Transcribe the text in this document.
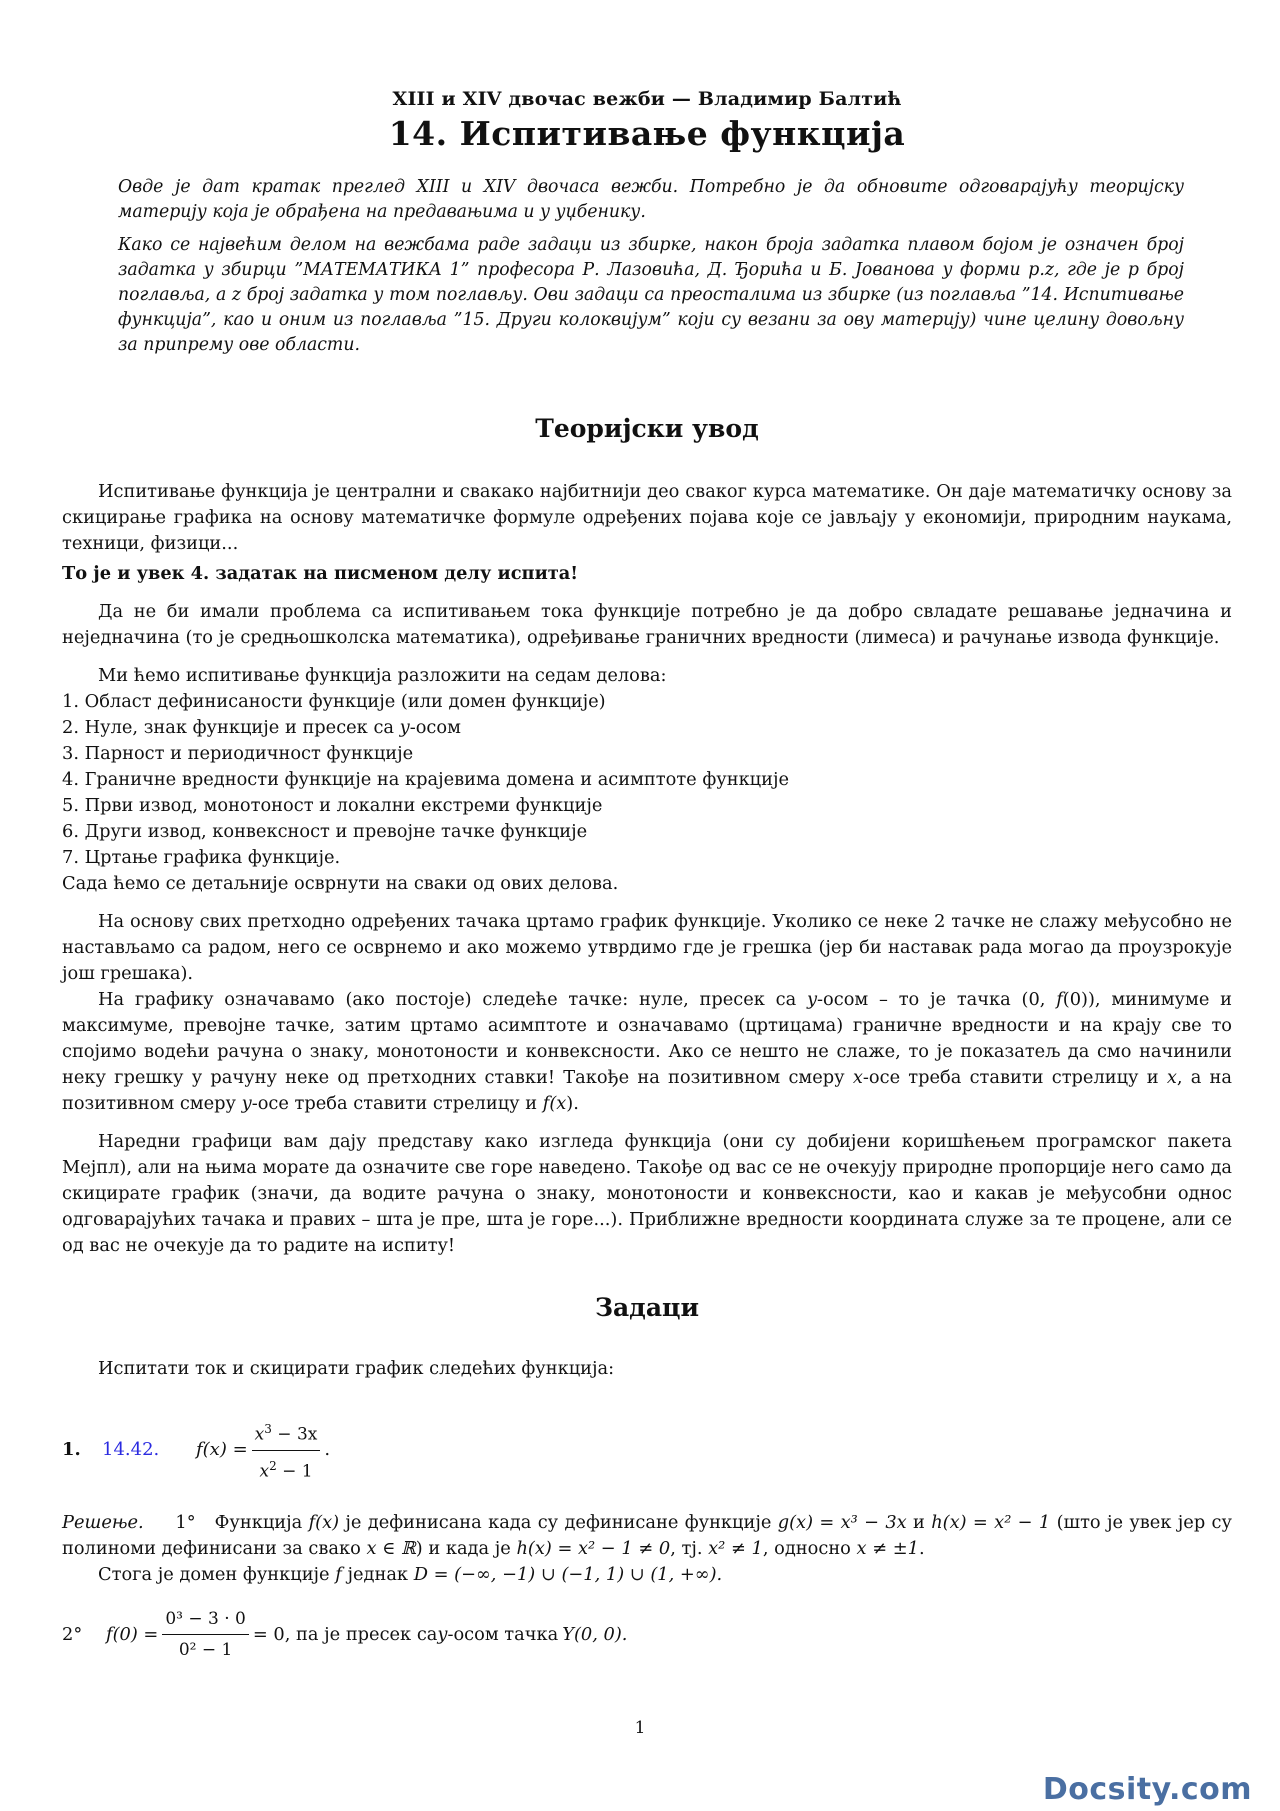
XIII и XIV двочас вежби — Владимир Балтић
14. Испитивање функција

Овде је дат кратак преглед XIII и XIV двочаса вежби. Потребно је да обновите одговарајућу теоријску материју која је обрађена на предавањима и у уџбенику.

Како се највећим делом на вежбама раде задаци из збирке, након броја задатка плавом бојом је означен број задатка у збирци ”МАТЕМАТИКА 1” професора Р. Лазовића, Д. Ђорића и Б. Јованова у форми p.z, где је p број поглавља, а z број задатка у том поглављу. Ови задаци са преосталима из збирке (из поглавља ”14. Испитивање функција”, као и оним из поглавља ”15. Други колоквијум” који су везани за ову материју) чине целину довољну за припрему ове области.

Теоријски увод

Испитивање функција је централни и свакако најбитнији део сваког курса математике. Он даје математичку основу за скицирање графика на основу математичке формуле одређених појава које се јављају у економији, природним наукама, техници, физици...

То је и увек 4. задатак на писменом делу испита!

Да не би имали проблема са испитивањем тока функције потребно је да добро свладате решавање једначина и неједначина (то је средњошколска математика), одређивање граничних вредности (лимеса) и рачунање извода функције.

Ми ћемо испитивање функција разложити на седам делова:

1. Област дефинисаности функције (или домен функције)
2. Нуле, знак функције и пресек са y-осом
3. Парност и периодичност функције
4. Граничне вредности функције на крајевима домена и асимптоте функције
5. Први извод, монотоност и локални екстреми функције
6. Други извод, конвексност и превојне тачке функције
7. Цртање графика функције.

Сада ћемо се детаљније осврнути на сваки од ових делова.

На основу свих претходно одређених тачака цртамо график функције. Уколико се неке 2 тачке не слажу међусобно не настављамо са радом, него се осврнемо и ако можемо утврдимо где је грешка (јер би наставак рада могао да проузрокује још грешака).

На графику означавамо (ако постоје) следеће тачке: нуле, пресек са y-осом – то је тачка (0, f(0)), минимуме и максимуме, превојне тачке, затим цртамо асимптоте и означавамо (цртицама) граничне вредности и на крају све то спојимо водећи рачуна о знаку, монотоности и конвексности. Ако се нешто не слаже, то је показатељ да смо начинили неку грешку у рачуну неке од претходних ставки! Такође на позитивном смеру x-осе треба ставити стрелицу и x, а на позитивном смеру y-осе треба ставити стрелицу и f(x).

Наредни графици вам дају представу како изгледа функција (они су добијени коришћењем програмског пакета Мејпл), али на њима морате да означите све горе наведено. Такође од вас се не очекују природне пропорције него само да скицирате график (значи, да водите рачуна о знаку, монотоности и конвексности, као и какав је међусобни однос одговарајућих тачака и правих – шта је пре, шта је горе...). Приближне вредности координата служе за те процене, али се од вас не очекује да то радите на испиту!

Задаци

Испитати ток и скицирати график следећих функција:

1.	14.42.	$f(x) = \frac{x^3 - 3x}{x^2 - 1}$ .

Решење. 1° Функција f(x) је дефинисана када су дефинисане функције g(x) = x³ − 3x и h(x) = x² − 1 (што је увек јер су полиноми дефинисани за свако x ∈ ℝ) и када је h(x) = x² − 1 ≠ 0, тј. x² ≠ 1, односно x ≠ ±1.

Стога је домен функције f једнак D = (−∞, −1) ∪ (−1, 1) ∪ (1, +∞).

2°	$f(0) = \frac{\text{0³ − 3 · 0}}{\text{0² − 1}} = 0$, па је пресек са y -осом тачка Y(0, 0).
1
Docsity.com
